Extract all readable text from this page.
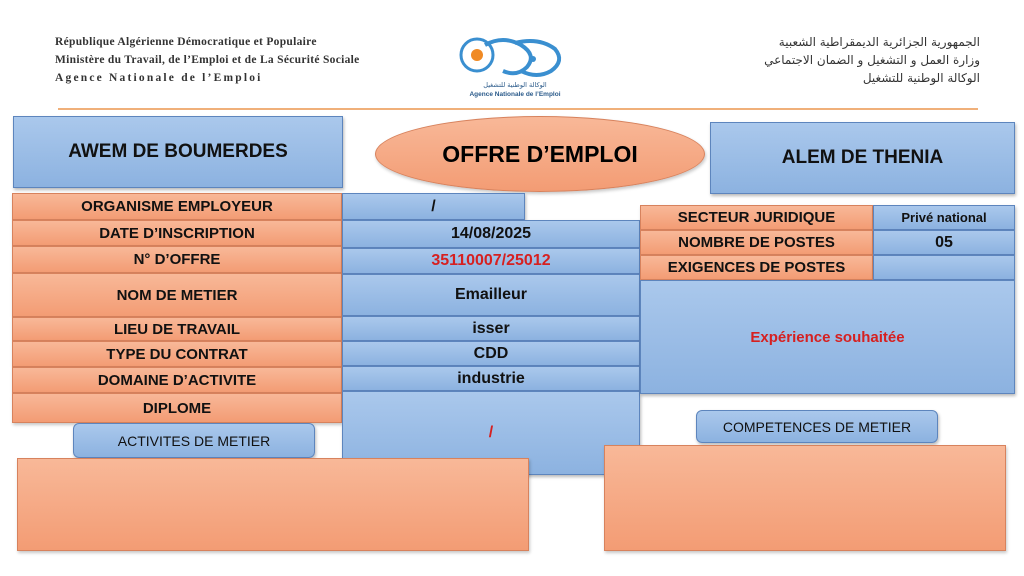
République Algérienne Démocratique et Populaire
Ministère du Travail, de l’Emploi et de La Sécurité Sociale
Agence Nationale de l’Emploi
الوكالة الوطنية للتشغيل
Agence Nationale de l’Emploi
الجمهورية الجزائرية الديمقراطية الشعبية
وزارة العمل و التشغيل و الضمان الاجتماعي
الوكالة الوطنية للتشغيل
AWEM DE BOUMERDES	OFFRE D’EMPLOI	ALEM DE THENIA
ORGANISME EMPLOYEUR
DATE D’INSCRIPTION
N° D’OFFRE
NOM DE METIER
LIEU DE TRAVAIL
TYPE DU CONTRAT
DOMAINE D’ACTIVITE
DIPLOME
/
14/08/2025
35110007/25012
Emailleur
isser
CDD
industrie
/
SECTEUR JURIDIQUE
NOMBRE DE POSTES
EXIGENCES DE POSTES
Privé national
05
Expérience souhaitée
ACTIVITES DE METIER
COMPETENCES DE METIER
